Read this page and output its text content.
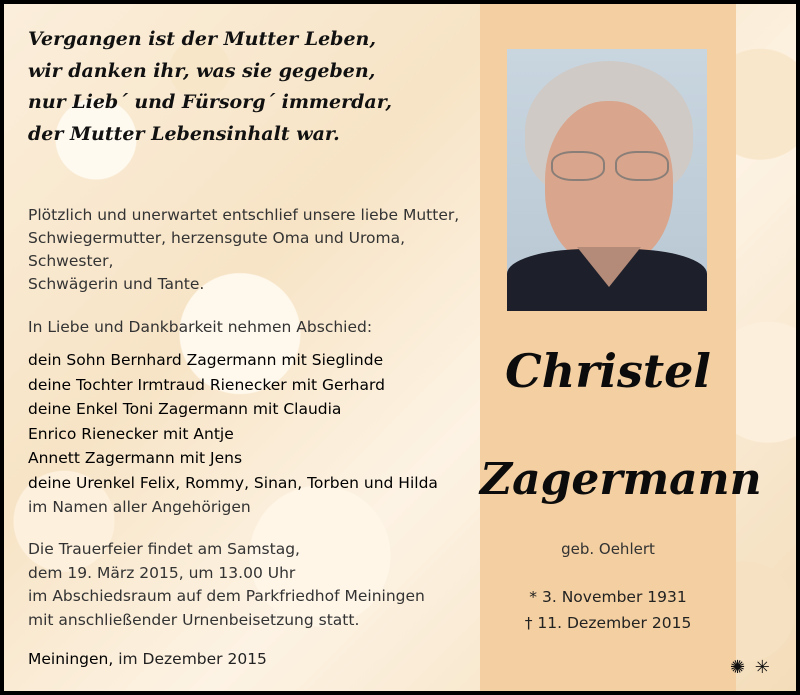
Vergangen ist der Mutter Leben,
wir danken ihr, was sie gegeben,
nur Lieb´ und Fürsorg´ immerdar,
der Mutter Lebensinhalt war.
Plötzlich und unerwartet entschlief unsere liebe Mutter,
Schwiegermutter, herzensgute Oma und Uroma, Schwester,
Schwägerin und Tante.
In Liebe und Dankbarkeit nehmen Abschied:
dein Sohn Bernhard Zagermann mit Sieglinde
deine Tochter Irmtraud Rienecker mit Gerhard
deine Enkel Toni Zagermann mit Claudia
Enrico Rienecker mit Antje
Annett Zagermann mit Jens
deine Urenkel Felix, Rommy, Sinan, Torben und Hilda
im Namen aller Angehörigen
Die Trauerfeier findet am Samstag,
dem 19. März 2015, um 13.00 Uhr
im Abschiedsraum auf dem Parkfriedhof Meiningen
mit anschließender Urnenbeisetzung statt.
Meiningen, im Dezember 2015
Christel
Zagermann
geb. Oehlert
* 3. November 1931
† 11. Dezember 2015
✺ ✳
